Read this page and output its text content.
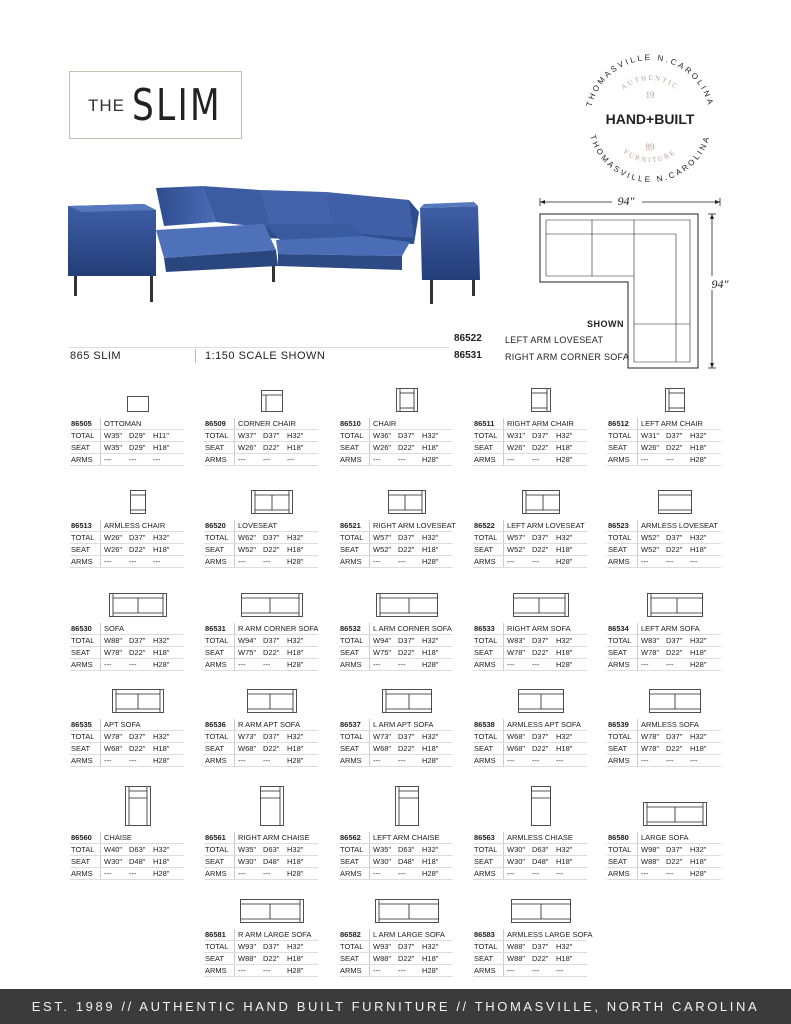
THE SLIM	THOMASVILLE N.CAROLINA
THOMASVILLE N.CAROLINA
AUTHENTIC
FURNITURE
19
89
HAND+BUILT
94"
94"
SHOWN
86522	LEFT ARM LOVESEAT
86531	RIGHT ARM CORNER SOFA
865 SLIM	1:150 SCALE SHOWN
86505 OTTOMAN
TOTAL W35" D29" H11"
SEAT W35" D29" H18"
ARMS --- --- ---
86509 CORNER CHAIR
TOTAL W37" D37" H32"
SEAT W26" D22" H18"
ARMS --- --- ---
86510 CHAIR
TOTAL W36" D37" H32"
SEAT W26" D22" H18"
ARMS --- --- H28"
86511 RIGHT ARM CHAIR
TOTAL W31" D37" H32"
SEAT W26" D22" H18"
ARMS --- --- H28"
86512 LEFT ARM CHAIR
TOTAL W31" D37" H32"
SEAT W26" D22" H18"
ARMS --- --- H28"
86513 ARMLESS CHAIR
TOTAL W26" D37" H32"
SEAT W26" D22" H18"
ARMS --- --- ---
86520 LOVESEAT
TOTAL W62" D37" H32"
SEAT W52" D22" H18"
ARMS --- --- H28"
86521 RIGHT ARM LOVESEAT
TOTAL W57" D37" H32"
SEAT W52" D22" H18"
ARMS --- --- H28"
86522 LEFT ARM LOVESEAT
TOTAL W57" D37" H32"
SEAT W52" D22" H18"
ARMS --- --- H28"
86523 ARMLESS LOVESEAT
TOTAL W52" D37" H32"
SEAT W52" D22" H18"
ARMS --- --- ---
86530 SOFA
TOTAL W88" D37" H32"
SEAT W78" D22" H18"
ARMS --- --- H28"
86531 R ARM CORNER SOFA
TOTAL W94" D37" H32"
SEAT W75" D22" H18"
ARMS --- --- H28"
86532 L ARM CORNER SOFA
TOTAL W94" D37" H32"
SEAT W75" D22" H18"
ARMS --- --- H28"
86533 RIGHT ARM SOFA
TOTAL W83" D37" H32"
SEAT W78" D22" H18"
ARMS --- --- H28"
86534 LEFT ARM SOFA
TOTAL W83" D37" H32"
SEAT W78" D22" H18"
ARMS --- --- H28"
86535 APT SOFA
TOTAL W78" D37" H32"
SEAT W68" D22" H18"
ARMS --- --- H28"
86536 R ARM APT SOFA
TOTAL W73" D37" H32"
SEAT W68" D22" H18"
ARMS --- --- H28"
86537 L ARM APT SOFA
TOTAL W73" D37" H32"
SEAT W68" D22" H18"
ARMS --- --- H28"
86538 ARMLESS APT SOFA
TOTAL W68" D37" H32"
SEAT W68" D22" H18"
ARMS --- --- ---
86539 ARMLESS SOFA
TOTAL W78" D37" H32"
SEAT W78" D22" H18"
ARMS --- --- ---
86560 CHAISE
TOTAL W40" D63" H32"
SEAT W30" D48" H18"
ARMS --- --- H28"
86561 RIGHT ARM CHAISE
TOTAL W35" D63" H32"
SEAT W30" D48" H18"
ARMS --- --- H28"
86562 LEFT ARM CHAISE
TOTAL W35" D63" H32"
SEAT W30" D48" H18"
ARMS --- --- H28"
86563 ARMLESS CHIASE
TOTAL W30" D63" H32"
SEAT W30" D48" H18"
ARMS --- --- ---
86580 LARGE SOFA
TOTAL W98" D37" H32"
SEAT W88" D22" H18"
ARMS --- --- H28"
86581 R ARM LARGE SOFA
TOTAL W93" D37" H32"
SEAT W88" D22" H18"
ARMS --- --- H28"
86582 L ARM LARGE SOFA
TOTAL W93" D37" H32"
SEAT W88" D22" H18"
ARMS --- --- H28"
86583 ARMLESS LARGE SOFA
TOTAL W88" D37" H32"
SEAT W88" D22" H18"
ARMS --- --- ---
EST. 1989 // AUTHENTIC HAND BUILT FURNITURE // THOMASVILLE, NORTH CAROLINA
